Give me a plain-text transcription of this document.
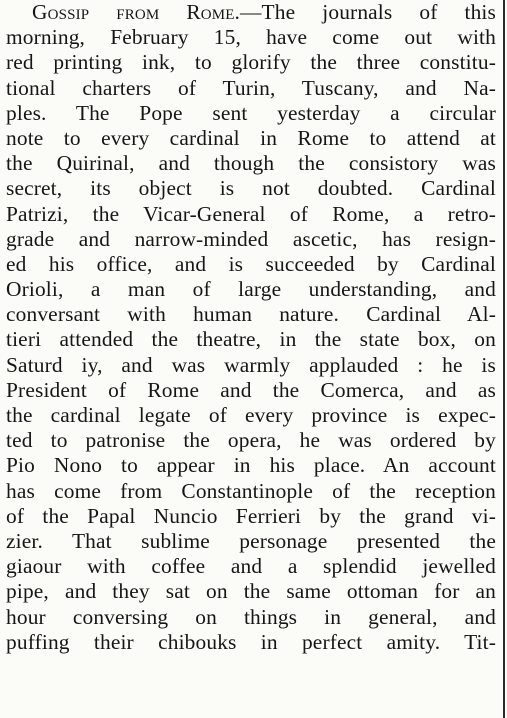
Gossip from Rome.—The journals of this
morning, February 15, have come out with
red printing ink, to glorify the three constitu-
tional charters of Turin, Tuscany, and Na-
ples. The Pope sent yesterday a circular
note to every cardinal in Rome to attend at
the Quirinal, and though the consistory was
secret, its object is not doubted. Cardinal
Patrizi, the Vicar-General of Rome, a retro-
grade and narrow-minded ascetic, has resign-
ed his office, and is succeeded by Cardinal
Orioli, a man of large understanding, and
conversant with human nature. Cardinal Al-
tieri attended the theatre, in the state box, on
Saturd iy, and was warmly applauded : he is
President of Rome and the Comerca, and as
the cardinal legate of every province is expec-
ted to patronise the opera, he was ordered by
Pio Nono to appear in his place. An account
has come from Constantinople of the reception
of the Papal Nuncio Ferrieri by the grand vi-
zier. That sublime personage presented the
giaour with coffee and a splendid jewelled
pipe, and they sat on the same ottoman for an
hour conversing on things in general, and
puffing their chibouks in perfect amity. Tit-
